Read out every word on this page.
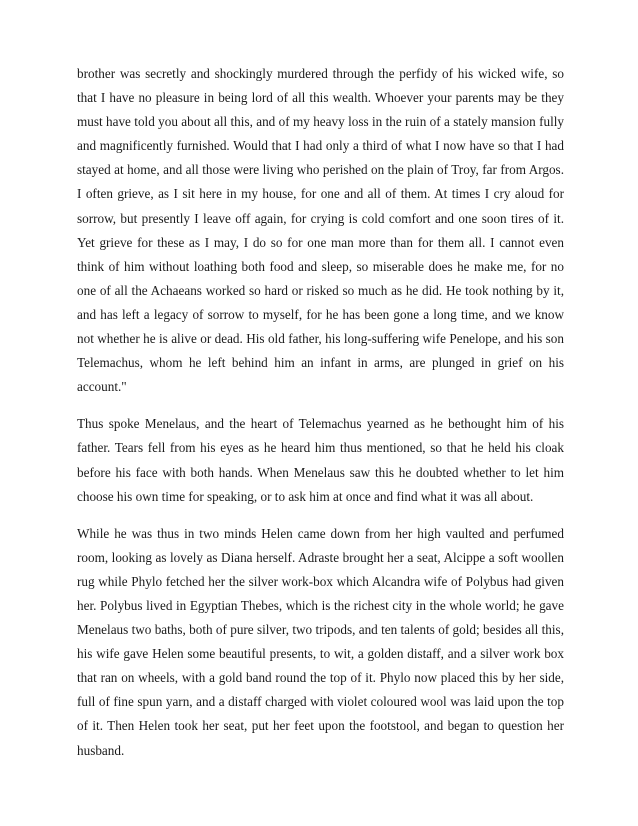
brother was secretly and shockingly murdered through the perfidy of his wicked wife, so that I have no pleasure in being lord of all this wealth. Whoever your parents may be they must have told you about all this, and of my heavy loss in the ruin of a stately mansion fully and magnificently furnished. Would that I had only a third of what I now have so that I had stayed at home, and all those were living who perished on the plain of Troy, far from Argos. I often grieve, as I sit here in my house, for one and all of them. At times I cry aloud for sorrow, but presently I leave off again, for crying is cold comfort and one soon tires of it. Yet grieve for these as I may, I do so for one man more than for them all. I cannot even think of him without loathing both food and sleep, so miserable does he make me, for no one of all the Achaeans worked so hard or risked so much as he did. He took nothing by it, and has left a legacy of sorrow to myself, for he has been gone a long time, and we know not whether he is alive or dead. His old father, his long-suffering wife Penelope, and his son Telemachus, whom he left behind him an infant in arms, are plunged in grief on his account."

Thus spoke Menelaus, and the heart of Telemachus yearned as he bethought him of his father. Tears fell from his eyes as he heard him thus mentioned, so that he held his cloak before his face with both hands. When Menelaus saw this he doubted whether to let him choose his own time for speaking, or to ask him at once and find what it was all about.

While he was thus in two minds Helen came down from her high vaulted and perfumed room, looking as lovely as Diana herself. Adraste brought her a seat, Alcippe a soft woollen rug while Phylo fetched her the silver work-box which Alcandra wife of Polybus had given her. Polybus lived in Egyptian Thebes, which is the richest city in the whole world; he gave Menelaus two baths, both of pure silver, two tripods, and ten talents of gold; besides all this, his wife gave Helen some beautiful presents, to wit, a golden distaff, and a silver work box that ran on wheels, with a gold band round the top of it. Phylo now placed this by her side, full of fine spun yarn, and a distaff charged with violet coloured wool was laid upon the top of it. Then Helen took her seat, put her feet upon the footstool, and began to question her husband.
